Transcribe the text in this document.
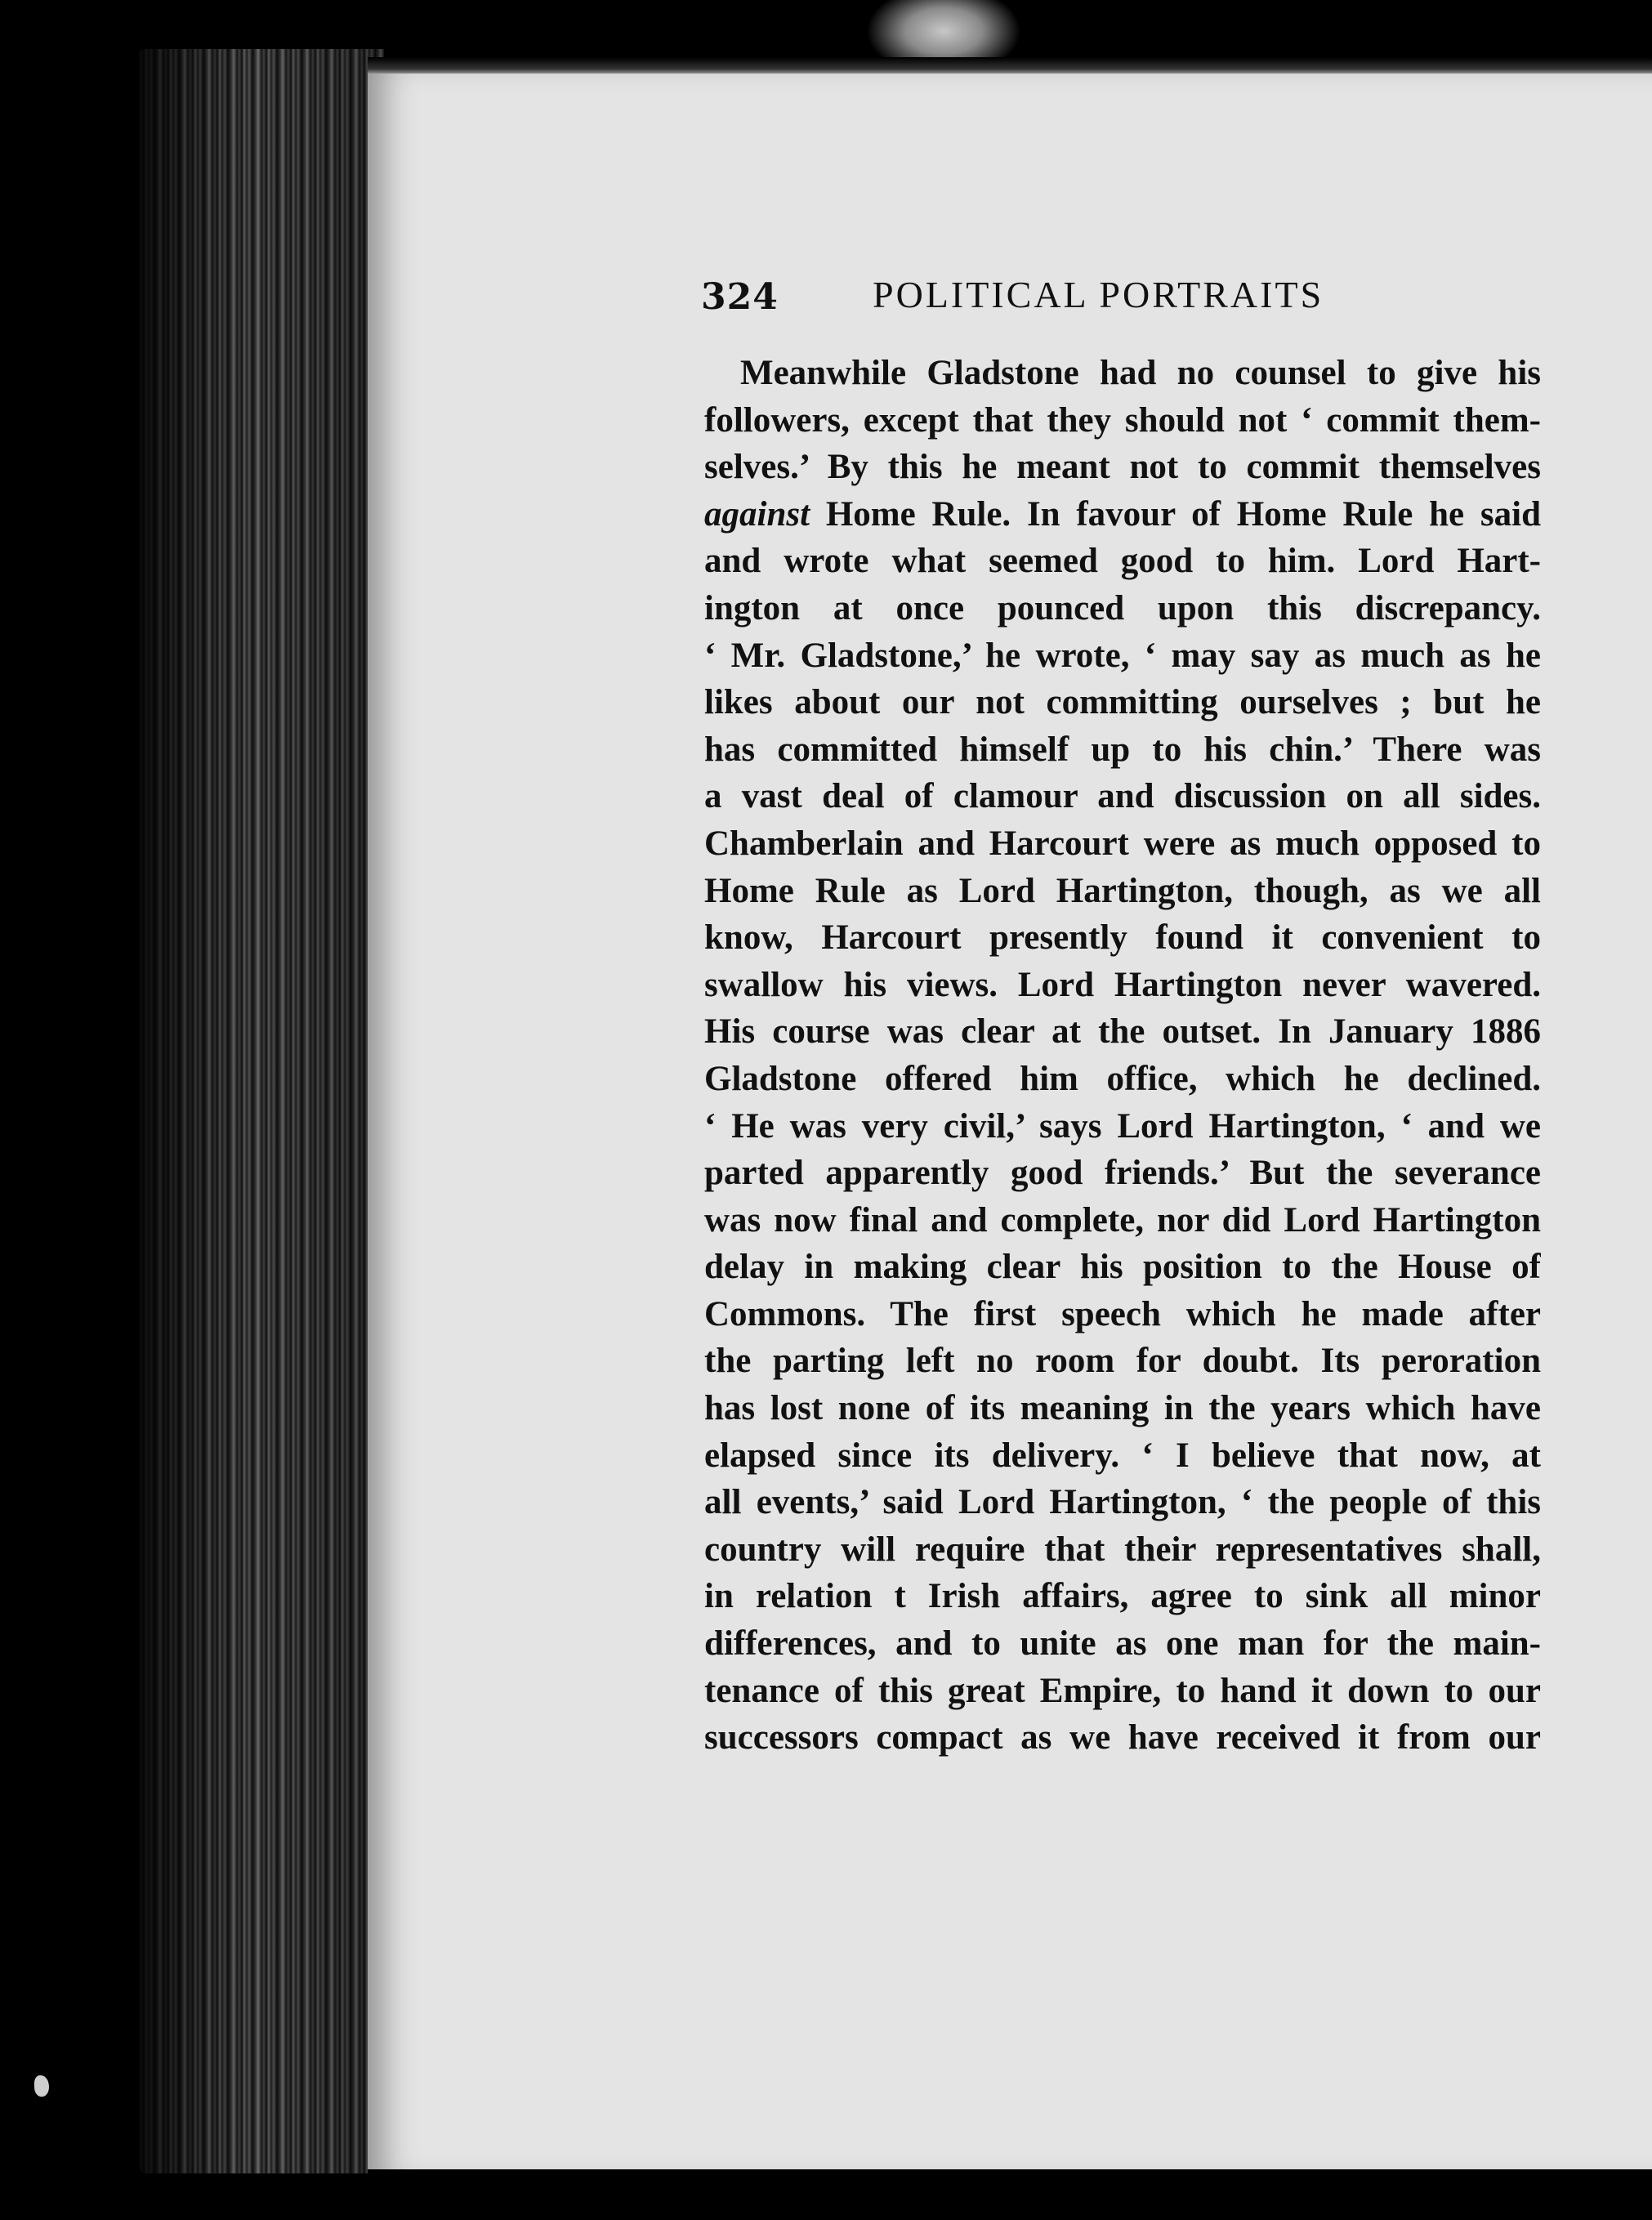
324	POLITICAL PORTRAITS
Meanwhile Gladstone had no counsel to give his
followers, except that they should not ‘ commit them-
selves.’ By this he meant not to commit themselves
against Home Rule. In favour of Home Rule he said
and wrote what seemed good to him. Lord Hart-
ington at once pounced upon this discrepancy.
‘ Mr. Gladstone,’ he wrote, ‘ may say as much as he
likes about our not committing ourselves ; but he
has committed himself up to his chin.’ There was
a vast deal of clamour and discussion on all sides.
Chamberlain and Harcourt were as much opposed to
Home Rule as Lord Hartington, though, as we all
know, Harcourt presently found it convenient to
swallow his views. Lord Hartington never wavered.
His course was clear at the outset. In January 1886
Gladstone offered him office, which he declined.
‘ He was very civil,’ says Lord Hartington, ‘ and we
parted apparently good friends.’ But the severance
was now final and complete, nor did Lord Hartington
delay in making clear his position to the House of
Commons. The first speech which he made after
the parting left no room for doubt. Its peroration
has lost none of its meaning in the years which have
elapsed since its delivery. ‘ I believe that now, at
all events,’ said Lord Hartington, ‘ the people of this
country will require that their representatives shall,
in relation t Irish affairs, agree to sink all minor
differences, and to unite as one man for the main-
tenance of this great Empire, to hand it down to our
successors compact as we have received it from our
